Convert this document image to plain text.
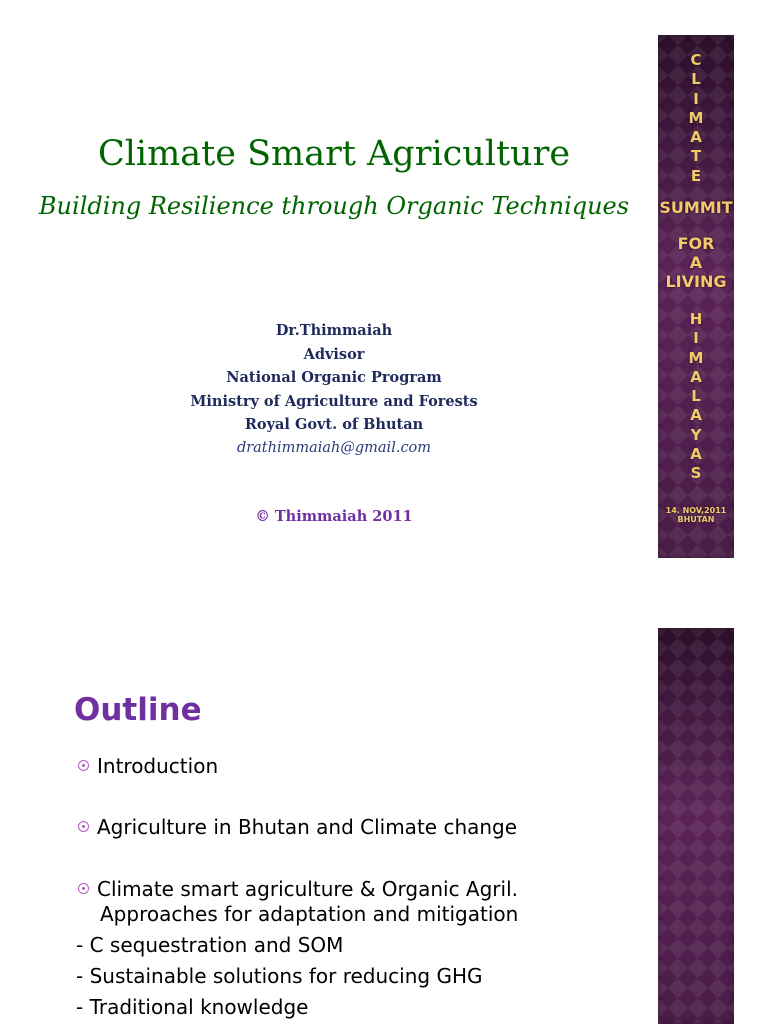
Climate Smart Agriculture
Building Resilience through Organic Techniques
Dr.Thimmaiah
Advisor
National Organic Program
Ministry of Agriculture and Forests
Royal Govt. of Bhutan
drathimmaiah@gmail.com
© Thimmaiah 2011
C
L
I
M
A
T
E
SUMMIT
FOR
A
LIVING
H
I
M
A
L
A
Y
A
S
14. NOV,2011
BHUTAN
Outline
Introduction
Agriculture in Bhutan and Climate change
Climate smart agriculture & Organic Agril.
Approaches for adaptation and mitigation
- C sequestration and SOM
- Sustainable solutions for reducing GHG
- Traditional knowledge
